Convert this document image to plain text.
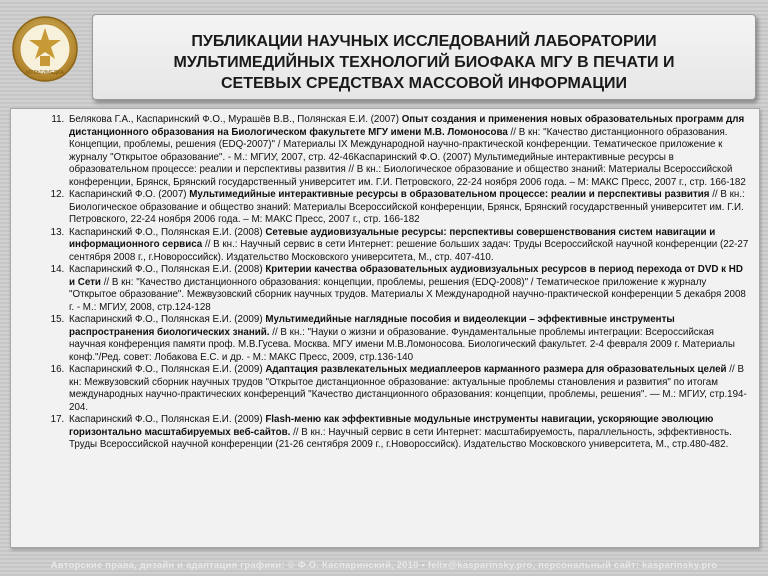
МУЛЬТИМЕДИА
ПУБЛИКАЦИИ НАУЧНЫХ ИССЛЕДОВАНИЙ ЛАБОРАТОРИИ
МУЛЬТИМЕДИЙНЫХ ТЕХНОЛОГИЙ БИОФАКА МГУ В ПЕЧАТИ И
СЕТЕВЫХ СРЕДСТВАХ МАССОВОЙ ИНФОРМАЦИИ
11. Белякова Г.А., Каспаринский Ф.О., Мурашёв В.В., Полянская Е.И. (2007) Опыт создания и применения новых образовательных программ для дистанционного образования на Биологическом факультете МГУ имени М.В. Ломоносова // В кн: "Качество дистанционного образования. Концепции, проблемы, решения (EDQ-2007)" / Материалы IX Международной научно-практической конференции. Тематическое приложение к журналу "Открытое образование". - М.: МГИУ, 2007, стр. 42-46Каспаринский Ф.О. (2007) Мультимедийные интерактивные ресурсы в образовательном процессе: реалии и перспективы развития // В кн.: Биологическое образование и общество знаний: Материалы Всероссийской конференции, Брянск, Брянский государственный университет им. Г.И. Петровского, 22-24 ноября 2006 года. – М: МАКС Пресс, 2007 г., стр. 166-182
12. Каспаринский Ф.О. (2007) Мультимедийные интерактивные ресурсы в образовательном процессе: реалии и перспективы развития // В кн.: Биологическое образование и общество знаний: Материалы Всероссийской конференции, Брянск, Брянский государственный университет им. Г.И. Петровского, 22-24 ноября 2006 года. – М: МАКС Пресс, 2007 г., стр. 166-182
13. Каспаринский Ф.О., Полянская Е.И. (2008) Сетевые аудиовизуальные ресурсы: перспективы совершенствования систем навигации и информационного сервиса // В кн.: Научный сервис в сети Интернет: решение больших задач: Труды Всероссийской научной конференции (22-27 сентября 2008 г., г.Новороссийск). Издательство Московского университета, М., стр. 407-410.
14. Каспаринский Ф.О., Полянская Е.И. (2008) Критерии качества образовательных аудиовизуальных ресурсов в период перехода от DVD к HD и Сети // В кн: "Качество дистанционного образования: концепции, проблемы, решения (EDQ-2008)" / Тематическое приложение к журналу "Открытое образование". Межвузовский сборник научных трудов. Материалы X Международной научно-практической конференции 5 декабря 2008 г. - М.: МГИУ, 2008, стр.124-128
15. Каспаринский Ф.О., Полянская Е.И. (2009) Мультимедийные наглядные пособия и видеолекции – эффективные инструменты распространения биологических знаний. // В кн.: "Науки о жизни и образование. Фундаментальные проблемы интеграции: Всероссийская научная конференция памяти проф. М.В.Гусева. Москва. МГУ имени М.В.Ломоносова. Биологический факультет. 2-4 февраля 2009 г. Материалы конф."/Ред. совет: Лобакова Е.С. и др. - М.: МАКС Пресс, 2009, стр.136-140
16. Каспаринский Ф.О., Полянская Е.И. (2009) Адаптация развлекательных медиаплееров карманного размера для образовательных целей // В кн: Межвузовский сборник научных трудов "Открытое дистанционное образование: актуальные проблемы становления и развития" по итогам международных научно-практических конференций "Качество дистанционного образования: концепции, проблемы, решения". — М.: МГИУ, стр.194-204.
17. Каспаринский Ф.О., Полянская Е.И. (2009) Flash-меню как эффективные модульные инструменты навигации, ускоряющие эволюцию горизонтально масштабируемых веб-сайтов. // В кн.: Научный сервис в сети Интернет: масштабируемость, параллельность, эффективность. Труды Всероссийской научной конференции (21-26 сентября 2009 г., г.Новороссийск). Издательство Московского университета, М., стр.480-482.
Авторские права, дизайн и адаптация графики: © Ф.О. Каспаринский, 2010 • felix@kasparinsky.pro, персональный сайт: kasparinsky.pro
